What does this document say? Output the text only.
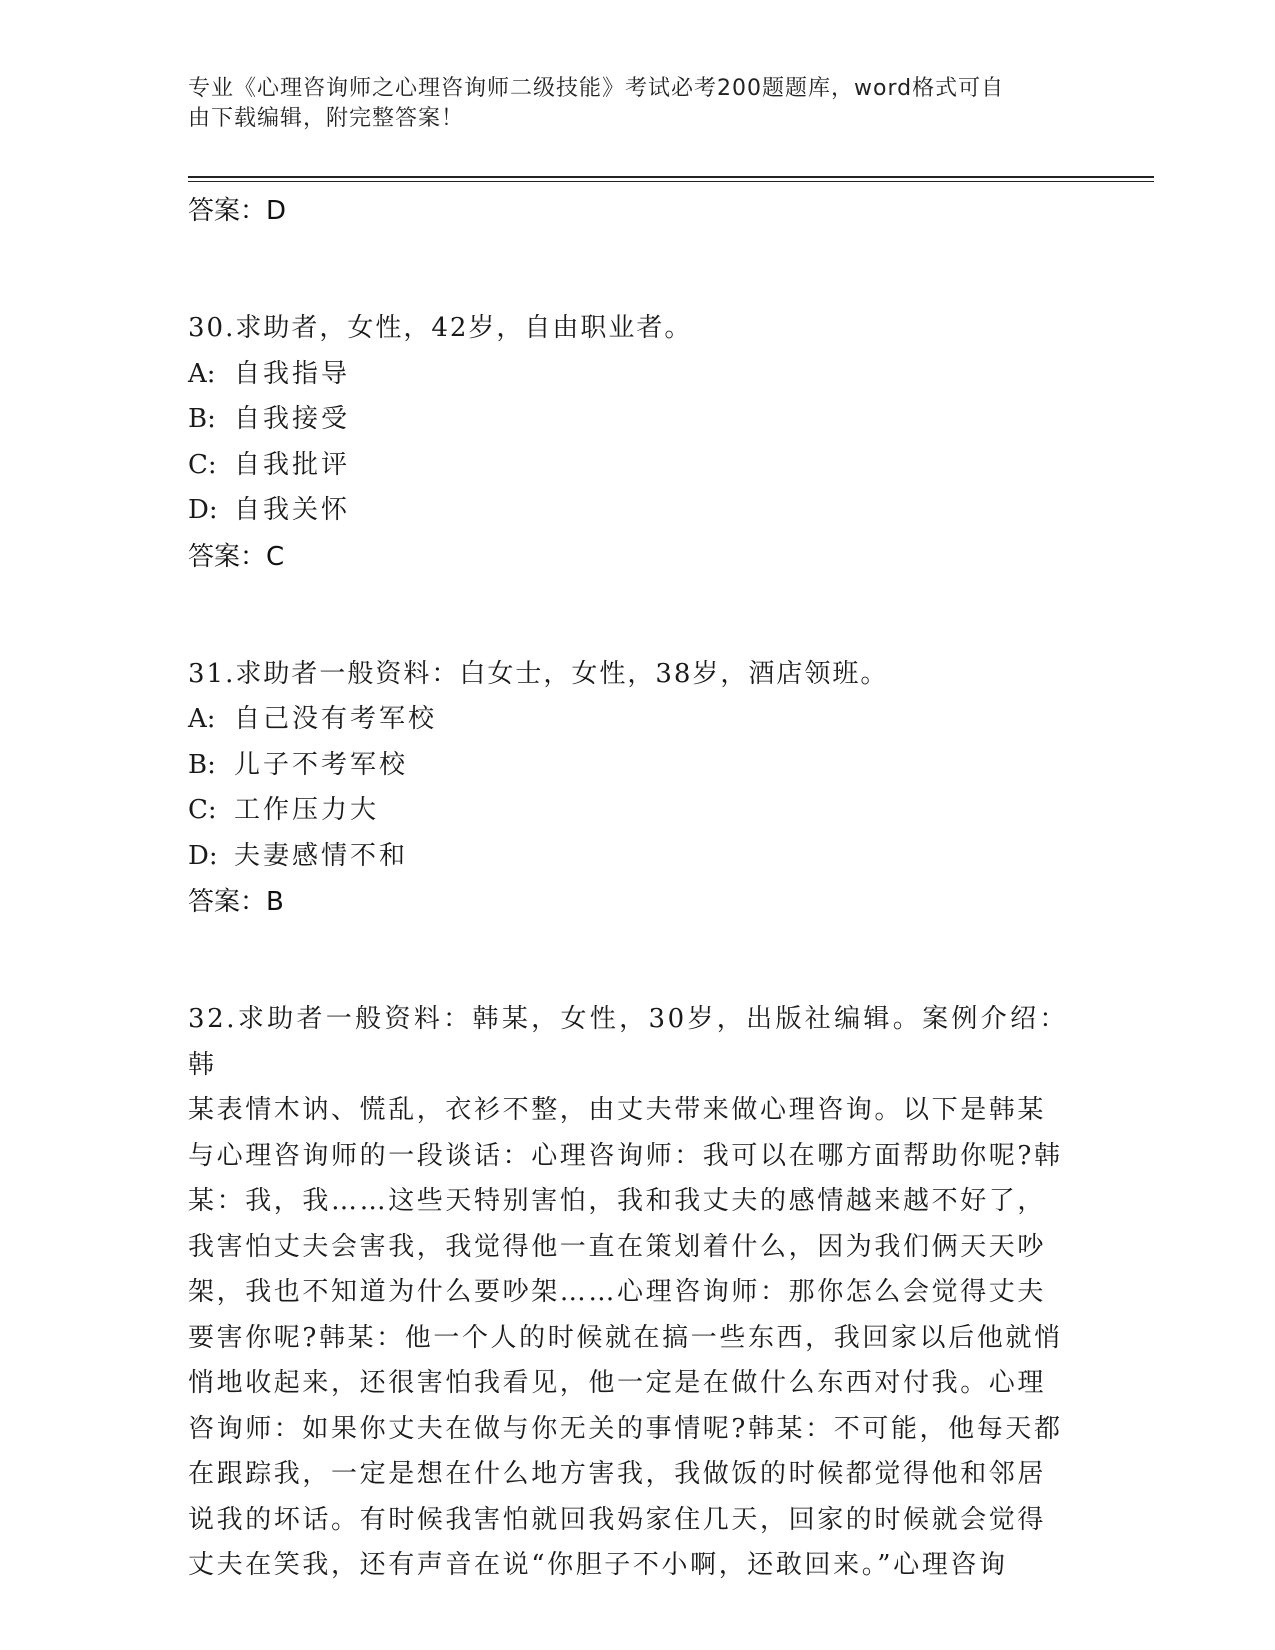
专业《心理咨询师之心理咨询师二级技能》考试必考200题题库，word格式可自
由下载编辑，附完整答案！
答案：D
30.求助者，女性，42岁，自由职业者。
A: 自我指导
B: 自我接受
C: 自我批评
D: 自我关怀
答案：C
31.求助者一般资料：白女士，女性，38岁，酒店领班。
A: 自己没有考军校
B: 儿子不考军校
C: 工作压力大
D: 夫妻感情不和
答案：B
32.求助者一般资料：韩某，女性，30岁，出版社编辑。案例介绍：韩
某表情木讷、慌乱，衣衫不整，由丈夫带来做心理咨询。以下是韩某
与心理咨询师的一段谈话：心理咨询师：我可以在哪方面帮助你呢?韩
某：我，我……这些天特别害怕，我和我丈夫的感情越来越不好了，
我害怕丈夫会害我，我觉得他一直在策划着什么，因为我们俩天天吵
架，我也不知道为什么要吵架……心理咨询师：那你怎么会觉得丈夫
要害你呢?韩某：他一个人的时候就在搞一些东西，我回家以后他就悄
悄地收起来，还很害怕我看见，他一定是在做什么东西对付我。心理
咨询师：如果你丈夫在做与你无关的事情呢?韩某：不可能，他每天都
在跟踪我，一定是想在什么地方害我，我做饭的时候都觉得他和邻居
说我的坏话。有时候我害怕就回我妈家住几天，回家的时候就会觉得
丈夫在笑我，还有声音在说“你胆子不小啊，还敢回来。”心理咨询
